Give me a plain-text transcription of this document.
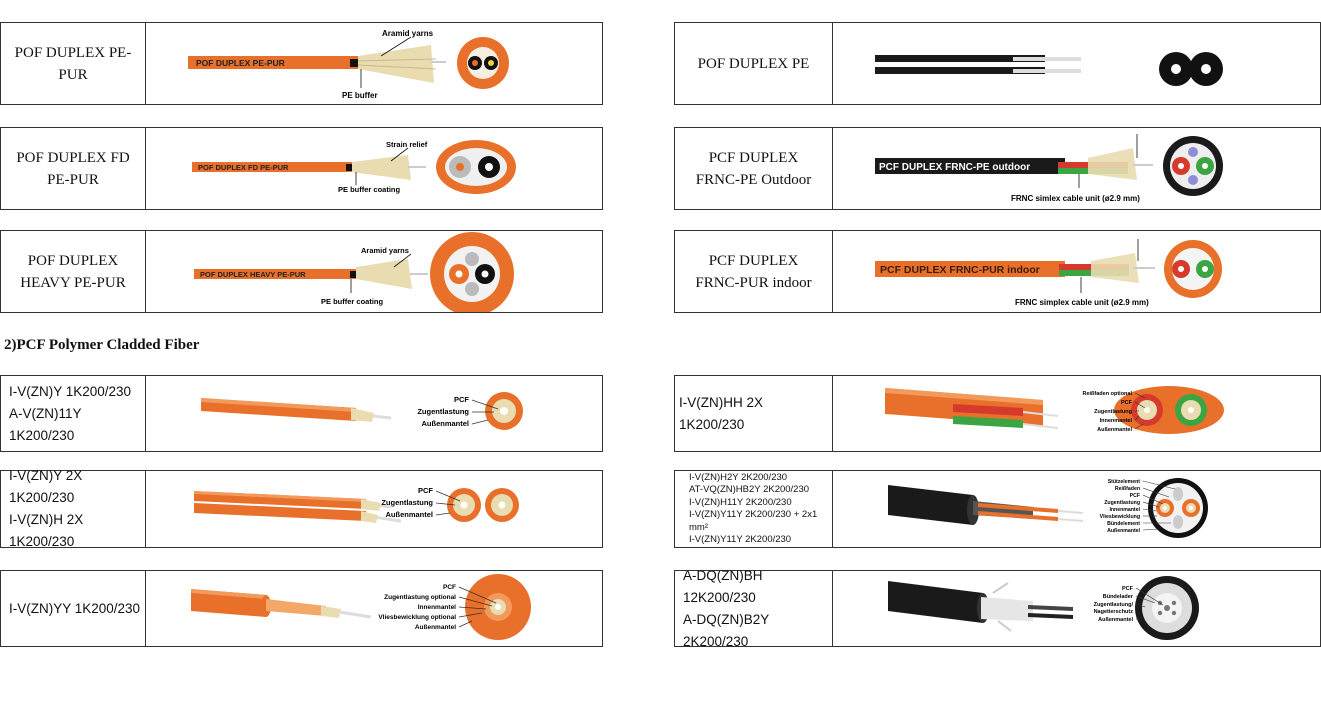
POF DUPLEX PE-
PUR
POF DUPLEX PE-PUR
Aramid yarns
PE buffer
POF DUPLEX FD
PE-PUR
POF DUPLEX FD PE-PUR
Strain relief
PE buffer coating
POF DUPLEX
HEAVY PE-PUR	POF DUPLEX HEAVY PE-PUR
Aramid yarns
PE buffer coating
POF DUPLEX PE
PCF DUPLEX
FRNC-PE Outdoor
PCF DUPLEX FRNC-PE outdoor
FRNC simlex cable unit (ø2.9 mm)
PCF DUPLEX
FRNC-PUR indoor
PCF DUPLEX FRNC-PUR indoor
FRNC simplex cable unit (ø2.9 mm)
2)PCF Polymer Cladded Fiber
I-V(ZN)Y 1K200/230
A-V(ZN)11Y 1K200/230
PCF
Zugentlastung
Außenmantel
I-V(ZN)Y 2X 1K200/230
I-V(ZN)H 2X 1K200/230
PCF
Zugentlastung
Außenmantel
I-V(ZN)YY 1K200/230
PCF
Zugentlastung optional
Innenmantel
Vliesbewicklung optional
Außenmantel
I-V(ZN)HH 2X 1K200/230
Reißfaden optional
PCF
Zugentlastung
Innenmantel
Außenmantel
I-V(ZN)H2Y 2K200/230
AT-VQ(ZN)HB2Y 2K200/230
I-V(ZN)H11Y 2K200/230
I-V(ZN)Y11Y 2K200/230 + 2x1 mm²
I-V(ZN)Y11Y 2K200/230
Stützelement
Reißfaden
PCF
Zugentlastung
Innenmantel
Vliesbewicklung
Bündelement
Außenmantel
A-DQ(ZN)BH 12K200/230
A-DQ(ZN)B2Y 2K200/230
PCF
Bündelader
Zugentlastung/
Nagetierschutz
Außenmantel
